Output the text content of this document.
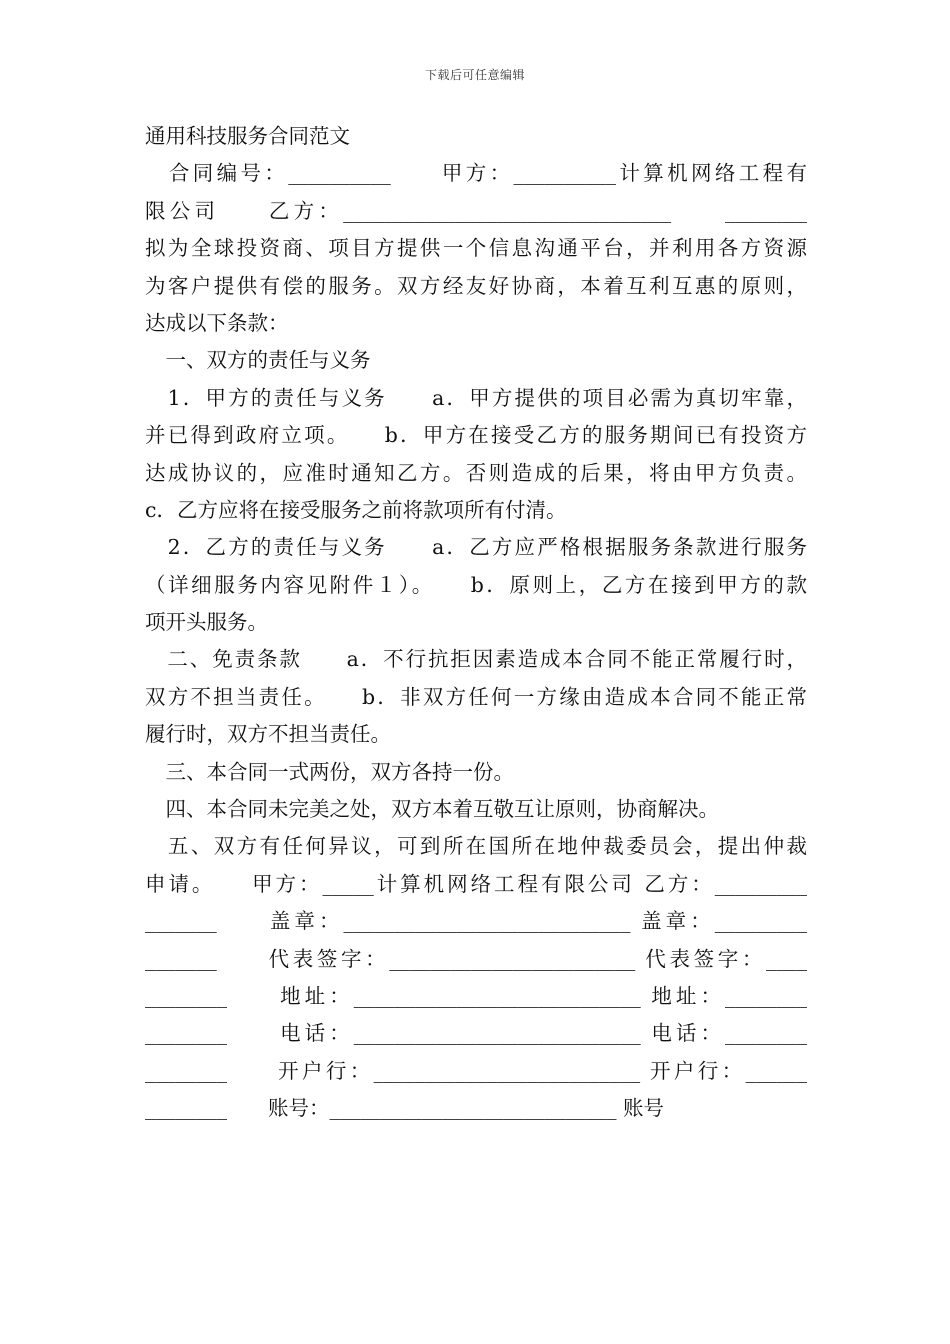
下载后可任意编辑
通用科技服务合同范文
　合同编号：__________　　甲方：__________计算机网络工程有
限公司　　乙方：________________________________　　________
拟为全球投资商、项目方提供一个信息沟通平台，并利用各方资源
为客户提供有偿的服务。双方经友好协商，本着互利互惠的原则，
达成以下条款：
　一、双方的责任与义务
　1．甲方的责任与义务　　a．甲方提供的项目必需为真切牢靠，
并已得到政府立项。　　b．甲方在接受乙方的服务期间已有投资方
达成协议的，应准时通知乙方。否则造成的后果，将由甲方负责。
c．乙方应将在接受服务之前将款项所有付清。
　2．乙方的责任与义务　　a．乙方应严格根据服务条款进行服务
（详细服务内容见附件１）。　　b．原则上，乙方在接到甲方的款
项开头服务。
　二、免责条款　　a．不行抗拒因素造成本合同不能正常履行时，
双方不担当责任。　　b．非双方任何一方缘由造成本合同不能正常
履行时，双方不担当责任。
　三、本合同一式两份，双方各持一份。
　四、本合同未完美之处，双方本着互敬互让原则，协商解决。
　五、双方有任何异议，可到所在国所在地仲裁委员会，提出仲裁
申请。　　甲方：_____计算机网络工程有限公司 乙方：_________
_______　　盖章：____________________________ 盖章：_________
_______　　代表签字：________________________ 代表签字：____
________　　地址：____________________________ 地址：________
________　　电话：____________________________ 电话：________
________　　开户行：__________________________ 开户行：______
________　　账号：____________________________ 账号
